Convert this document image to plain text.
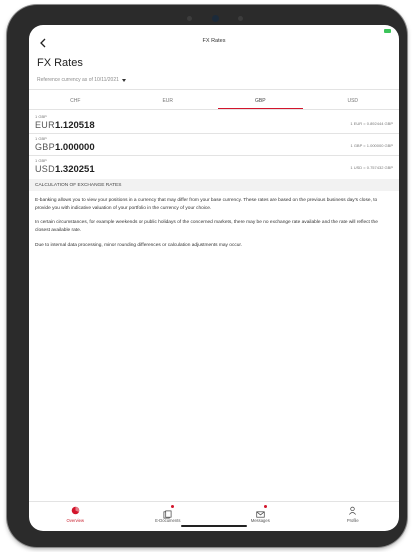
FX Rates
FX Rates
Reference currency as of 10/11/2021
CHF	EUR	GBP	USD
1 GBP
EUR 1.120518	1 EUR = 0.892444 GBP
1 GBP
GBP 1.000000	1 GBP = 1.000000 GBP
1 GBP
USD 1.320251	1 USD = 0.757432 GBP
CALCULATION OF EXCHANGE RATES
E-banking allows you to view your positions in a currency that may differ from your base currency. These rates are based on the previous business day's close, to provide you with indicative valuation of your portfolio in the currency of your choice.
In certain circumstances, for example weekends or public holidays of the concerned markets, there may be no exchange rate available and the rate will reflect the closest available rate.
Due to internal data processing, minor rounding differences or calculation adjustments may occur.
Overview	E-Documents	Messages	Profile
